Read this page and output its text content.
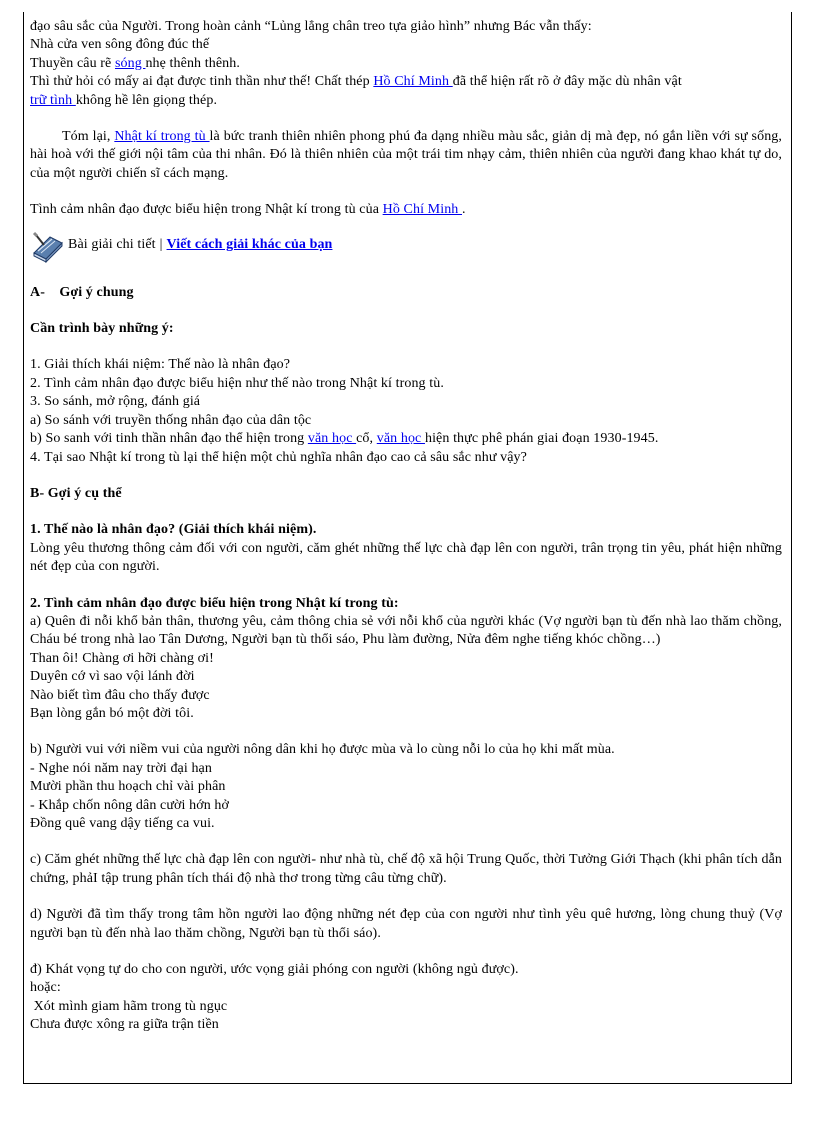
đạo sâu sắc của Người. Trong hoàn cảnh “Lủng lẳng chân treo tựa giảo hình” nhưng Bác vẫn thấy:

Nhà cửa ven sông đông đúc thế

Thuyền câu rẽ sóng nhẹ thênh thênh.

Thì thử hỏi có mấy ai đạt được tinh thần như thế! Chất thép Hồ Chí Minh đã thể hiện rất rõ ở đây mặc dù nhân vật
trữ tình không hề lên giọng thép.

Tóm lại, Nhật kí trong tù là bức tranh thiên nhiên phong phú đa dạng nhiều màu sắc, giản dị mà đẹp, nó gắn liền với sự sống, hài hoà với thế giới nội tâm của thi nhân. Đó là thiên nhiên của một trái tim nhạy cảm, thiên nhiên của người đang khao khát tự do, của một người chiến sĩ cách mạng.

Tình cảm nhân đạo được biểu hiện trong Nhật kí trong tù của Hồ Chí Minh .

Bài giải chi tiết | Viết cách giải khác của bạn

A-    Gợi ý chung

Cần trình bày những ý:

1. Giải thích khái niệm: Thế nào là nhân đạo?

2. Tình cảm nhân đạo được biểu hiện như thế nào trong Nhật kí trong tù.

3. So sánh, mở rộng, đánh giá

a) So sánh với truyền thống nhân đạo của dân tộc

b) So sanh với tinh thần nhân đạo thể hiện trong văn học cổ, văn học hiện thực phê phán giai đoạn 1930-1945.

4. Tại sao Nhật kí trong tù lại thể hiện một chủ nghĩa nhân đạo cao cả sâu sắc như vậy?

B- Gợi ý cụ thể

1. Thế nào là nhân đạo? (Giải thích khái niệm).

Lòng yêu thương thông cảm đối với con người, căm ghét những thế lực chà đạp lên con người, trân trọng tin yêu, phát hiện những nét đẹp của con người.

2. Tình cảm nhân đạo được biểu hiện trong Nhật kí trong tù:

a) Quên đi nỗi khổ bản thân, thương yêu, cảm thông chia sẻ với nỗi khổ của người khác (Vợ người bạn tù đến nhà lao thăm chồng, Cháu bé trong nhà lao Tân Dương, Người bạn tù thổi sáo, Phu làm đường, Nửa đêm nghe tiếng khóc chồng…)

Than ôi! Chàng ơi hỡi chàng ơi!

Duyên cớ vì sao vội lánh đời

Nào biết tìm đâu cho thấy được

Bạn lòng gắn bó một đời tôi.

b) Người vui với niềm vui của người nông dân khi họ được mùa và lo cùng nỗi lo của họ khi mất mùa.

- Nghe nói năm nay trời đại hạn

Mười phần thu hoạch chỉ vài phân

- Khắp chốn nông dân cười hớn hở

Đồng quê vang dậy tiếng ca vui.

c) Căm ghét những thế lực chà đạp lên con người- như nhà tù, chế độ xã hội Trung Quốc, thời Tưởng Giới Thạch (khi phân tích dẫn chứng, phảI tập trung phân tích thái độ nhà thơ trong từng câu từng chữ).

d) Người đã tìm thấy trong tâm hồn người lao động những nét đẹp của con người như tình yêu quê hương, lòng chung thuỷ (Vợ người bạn tù đến nhà lao thăm chồng, Người bạn tù thổi sáo).

đ) Khát vọng tự do cho con người, ước vọng giải phóng con người (không ngủ được).

hoặc:

Xót mình giam hãm trong tù ngục

Chưa được xông ra giữa trận tiền
